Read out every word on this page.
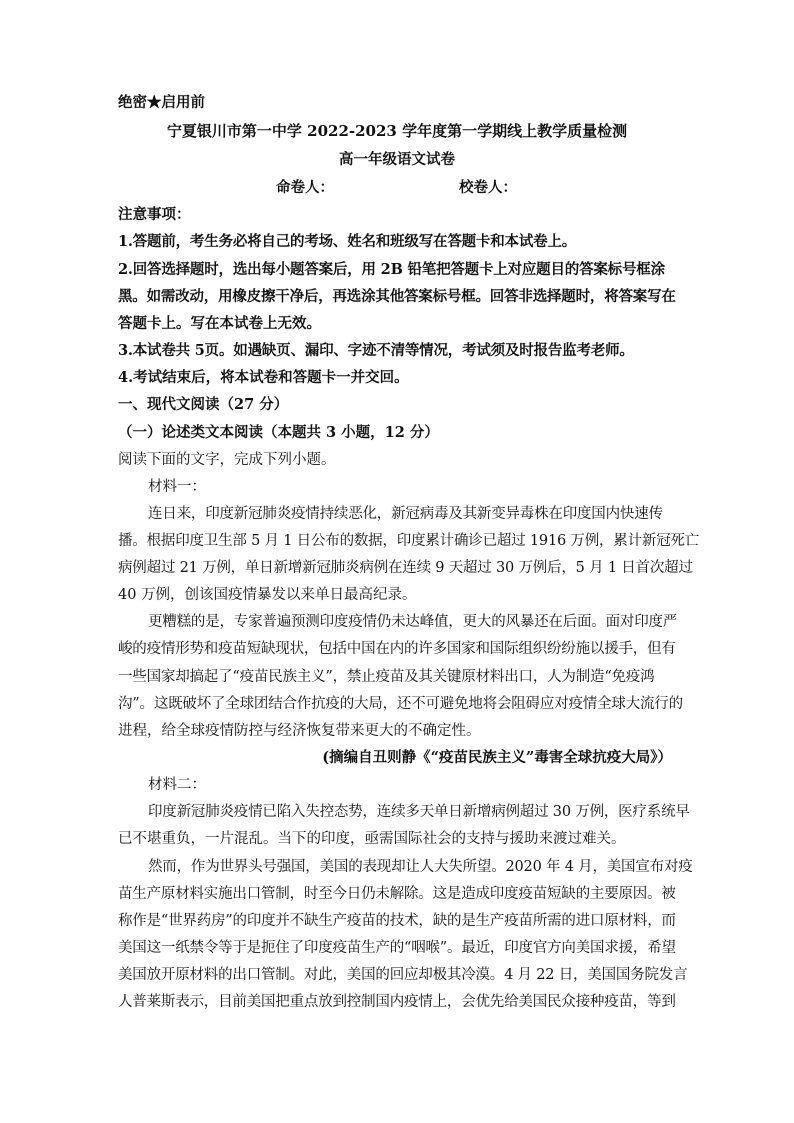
绝密★启用前
宁夏银川市第一中学 2022-2023 学年度第一学期线上教学质量检测
高一年级语文试卷
命卷人：	校卷人：
注意事项：
1.答题前，考生务必将自己的考场、姓名和班级写在答题卡和本试卷上。
2.回答选择题时，选出每小题答案后，用 2B 铅笔把答题卡上对应题目的答案标号框涂
黑。如需改动，用橡皮擦干净后，再选涂其他答案标号框。回答非选择题时，将答案写在
答题卡上。写在本试卷上无效。
3.本试卷共 5页。如遇缺页、漏印、字迹不清等情况，考试须及时报告监考老师。
4.考试结束后，将本试卷和答题卡一并交回。
一、现代文阅读（27 分）
（一）论述类文本阅读（本题共 3 小题，12 分）
阅读下面的文字，完成下列小题。
材料一：
连日来，印度新冠肺炎疫情持续恶化，新冠病毒及其新变异毒株在印度国内快速传
播。根据印度卫生部 5 月 1 日公布的数据，印度累计确诊已超过 1916 万例，累计新冠死亡
病例超过 21 万例，单日新增新冠肺炎病例在连续 9 天超过 30 万例后，5 月 1 日首次超过
40 万例，创该国疫情暴发以来单日最高纪录。
更糟糕的是，专家普遍预测印度疫情仍未达峰值，更大的风暴还在后面。面对印度严
峻的疫情形势和疫苗短缺现状，包括中国在内的许多国家和国际组织纷纷施以援手，但有
一些国家却搞起了“疫苗民族主义”，禁止疫苗及其关键原材料出口，人为制造“免疫鸿
沟”。这既破坏了全球团结合作抗疫的大局，还不可避免地将会阻碍应对疫情全球大流行的
进程，给全球疫情防控与经济恢复带来更大的不确定性。
(摘编自丑则静《“疫苗民族主义”毒害全球抗疫大局》）
材料二：
印度新冠肺炎疫情已陷入失控态势，连续多天单日新增病例超过 30 万例，医疗系统早
已不堪重负，一片混乱。当下的印度，亟需国际社会的支持与援助来渡过难关。
然而，作为世界头号强国，美国的表现却让人大失所望。2020 年 4 月，美国宣布对疫
苗生产原材料实施出口管制，时至今日仍未解除。这是造成印度疫苗短缺的主要原因。被
称作是“世界药房”的印度并不缺生产疫苗的技术，缺的是生产疫苗所需的进口原材料，而
美国这一纸禁令等于是扼住了印度疫苗生产的“咽喉”。最近，印度官方向美国求援，希望
美国放开原材料的出口管制。对此，美国的回应却极其冷漠。4 月 22 日，美国国务院发言
人普莱斯表示，目前美国把重点放到控制国内疫情上，会优先给美国民众接种疫苗，等到
